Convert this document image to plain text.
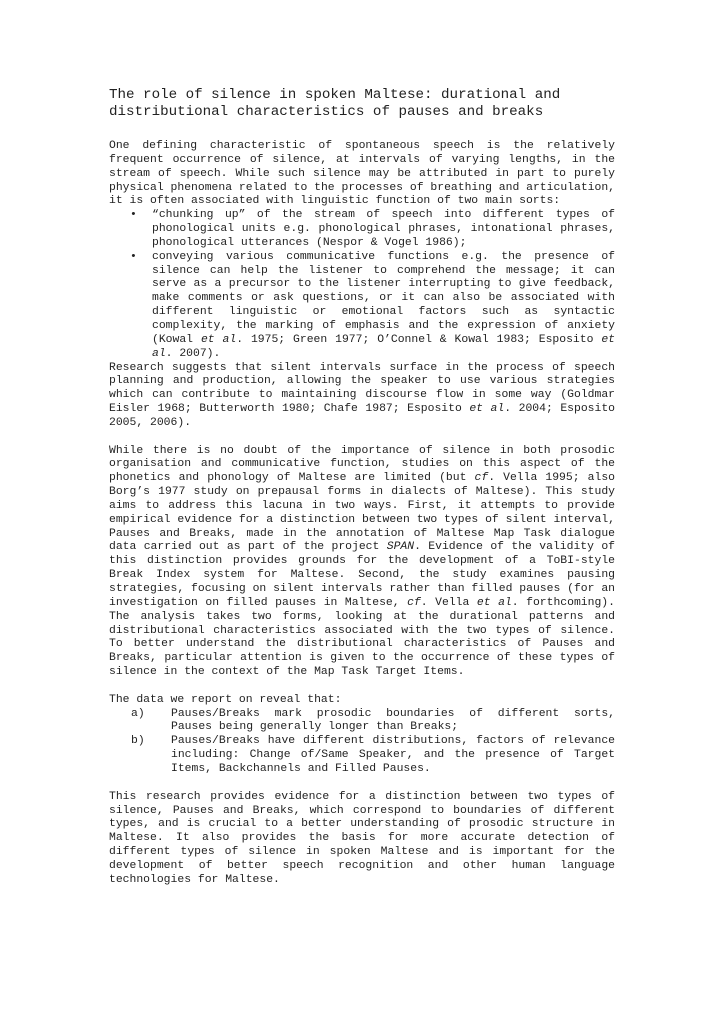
The role of silence in spoken Maltese: durational and distributional characteristics of pauses and breaks

One defining characteristic of spontaneous speech is the relatively frequent occurrence of silence, at intervals of varying lengths, in the stream of speech. While such silence may be attributed in part to purely physical phenomena related to the processes of breathing and articulation, it is often associated with linguistic function of two main sorts:

•	“chunking up” of the stream of speech into different types of phonological units e.g. phonological phrases, intonational phrases, phonological utterances (Nespor & Vogel 1986);
•	conveying various communicative functions e.g. the presence of silence can help the listener to comprehend the message; it can serve as a precursor to the listener interrupting to give feedback, make comments or ask questions, or it can also be associated with different linguistic or emotional factors such as syntactic complexity, the marking of emphasis and the expression of anxiety (Kowal et al. 1975; Green 1977; O’Connel & Kowal 1983; Esposito et al. 2007).

Research suggests that silent intervals surface in the process of speech planning and production, allowing the speaker to use various strategies which can contribute to maintaining discourse flow in some way (Goldmar Eisler 1968; Butterworth 1980; Chafe 1987; Esposito et al. 2004; Esposito 2005, 2006).

While there is no doubt of the importance of silence in both prosodic organisation and communicative function, studies on this aspect of the phonetics and phonology of Maltese are limited (but cf. Vella 1995; also Borg’s 1977 study on prepausal forms in dialects of Maltese). This study aims to address this lacuna in two ways. First, it attempts to provide empirical evidence for a distinction between two types of silent interval, Pauses and Breaks, made in the annotation of Maltese Map Task dialogue data carried out as part of the project SPAN. Evidence of the validity of this distinction provides grounds for the development of a ToBI-style Break Index system for Maltese. Second, the study examines pausing strategies, focusing on silent intervals rather than filled pauses (for an investigation on filled pauses in Maltese, cf. Vella et al. forthcoming). The analysis takes two forms, looking at the durational patterns and distributional characteristics associated with the two types of silence. To better understand the distributional characteristics of Pauses and Breaks, particular attention is given to the occurrence of these types of silence in the context of the Map Task Target Items.

The data we report on reveal that:

a) Pauses/Breaks mark prosodic boundaries of different sorts, Pauses being generally longer than Breaks;
b) Pauses/Breaks have different distributions, factors of relevance including: Change of/Same Speaker, and the presence of Target Items, Backchannels and Filled Pauses.

This research provides evidence for a distinction between two types of silence, Pauses and Breaks, which correspond to boundaries of different types, and is crucial to a better understanding of prosodic structure in Maltese. It also provides the basis for more accurate detection of different types of silence in spoken Maltese and is important for the development of better speech recognition and other human language technologies for Maltese.
